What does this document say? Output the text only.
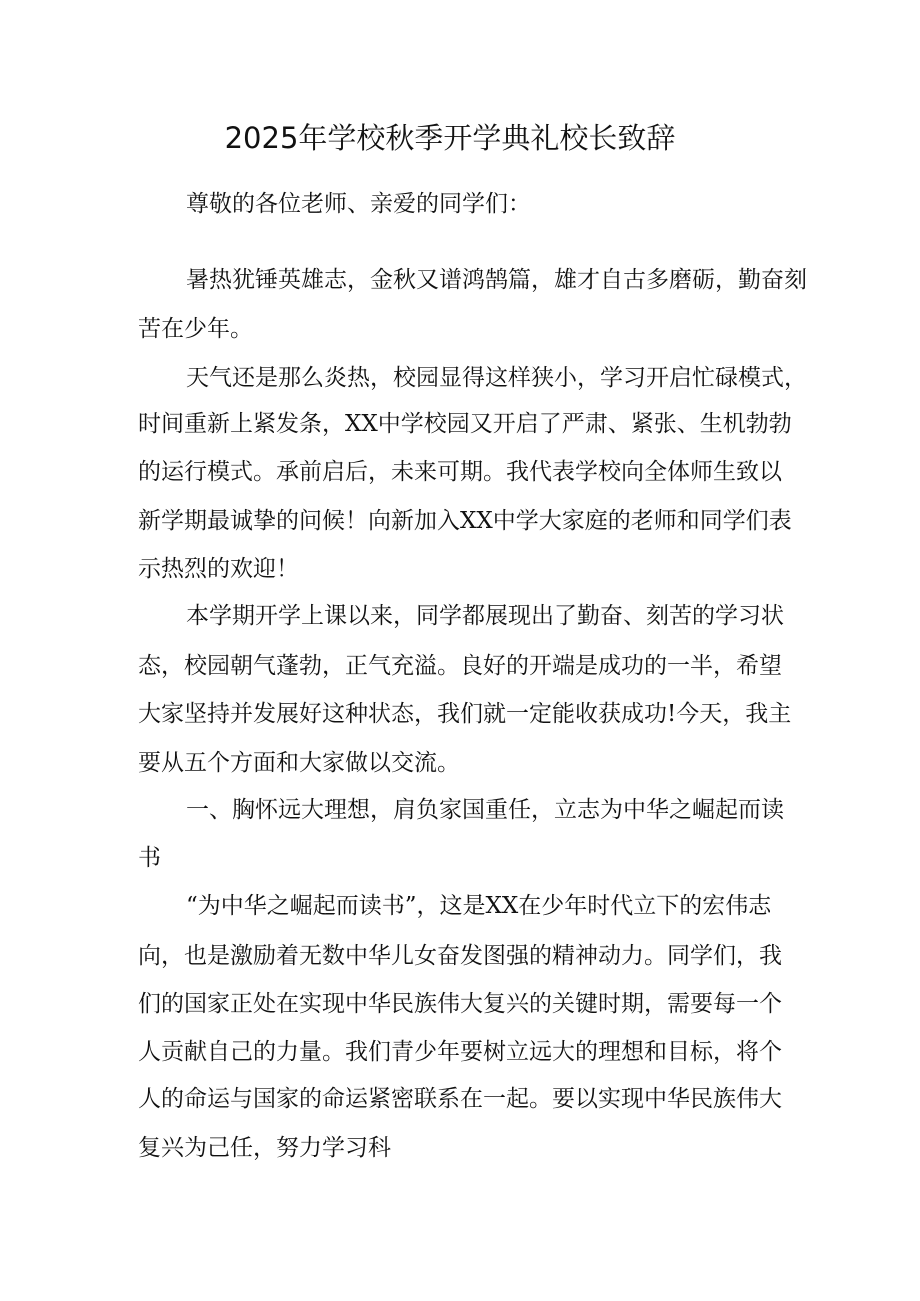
2025年学校秋季开学典礼校长致辞
尊敬的各位老师、亲爱的同学们：
暑热犹锤英雄志，金秋又谱鸿鹄篇，雄才自古多磨砺，勤奋刻
苦在少年。
天气还是那么炎热，校园显得这样狭小，学习开启忙碌模式，
时间重新上紧发条，XX中学校园又开启了严肃、紧张、生机勃勃
的运行模式。承前启后，未来可期。我代表学校向全体师生致以
新学期最诚挚的问候！向新加入XX中学大家庭的老师和同学们表
示热烈的欢迎！
本学期开学上课以来，同学都展现出了勤奋、刻苦的学习状
态，校园朝气蓬勃，正气充溢。良好的开端是成功的一半，希望
大家坚持并发展好这种状态，我们就一定能收获成功!今天，我主
要从五个方面和大家做以交流。
一、胸怀远大理想，肩负家国重任，立志为中华之崛起而读
书
“为中华之崛起而读书”，这是XX在少年时代立下的宏伟志
向，也是激励着无数中华儿女奋发图强的精神动力。同学们，我
们的国家正处在实现中华民族伟大复兴的关键时期，需要每一个
人贡献自己的力量。我们青少年要树立远大的理想和目标，将个
人的命运与国家的命运紧密联系在一起。要以实现中华民族伟大
复兴为己任，努力学习科
